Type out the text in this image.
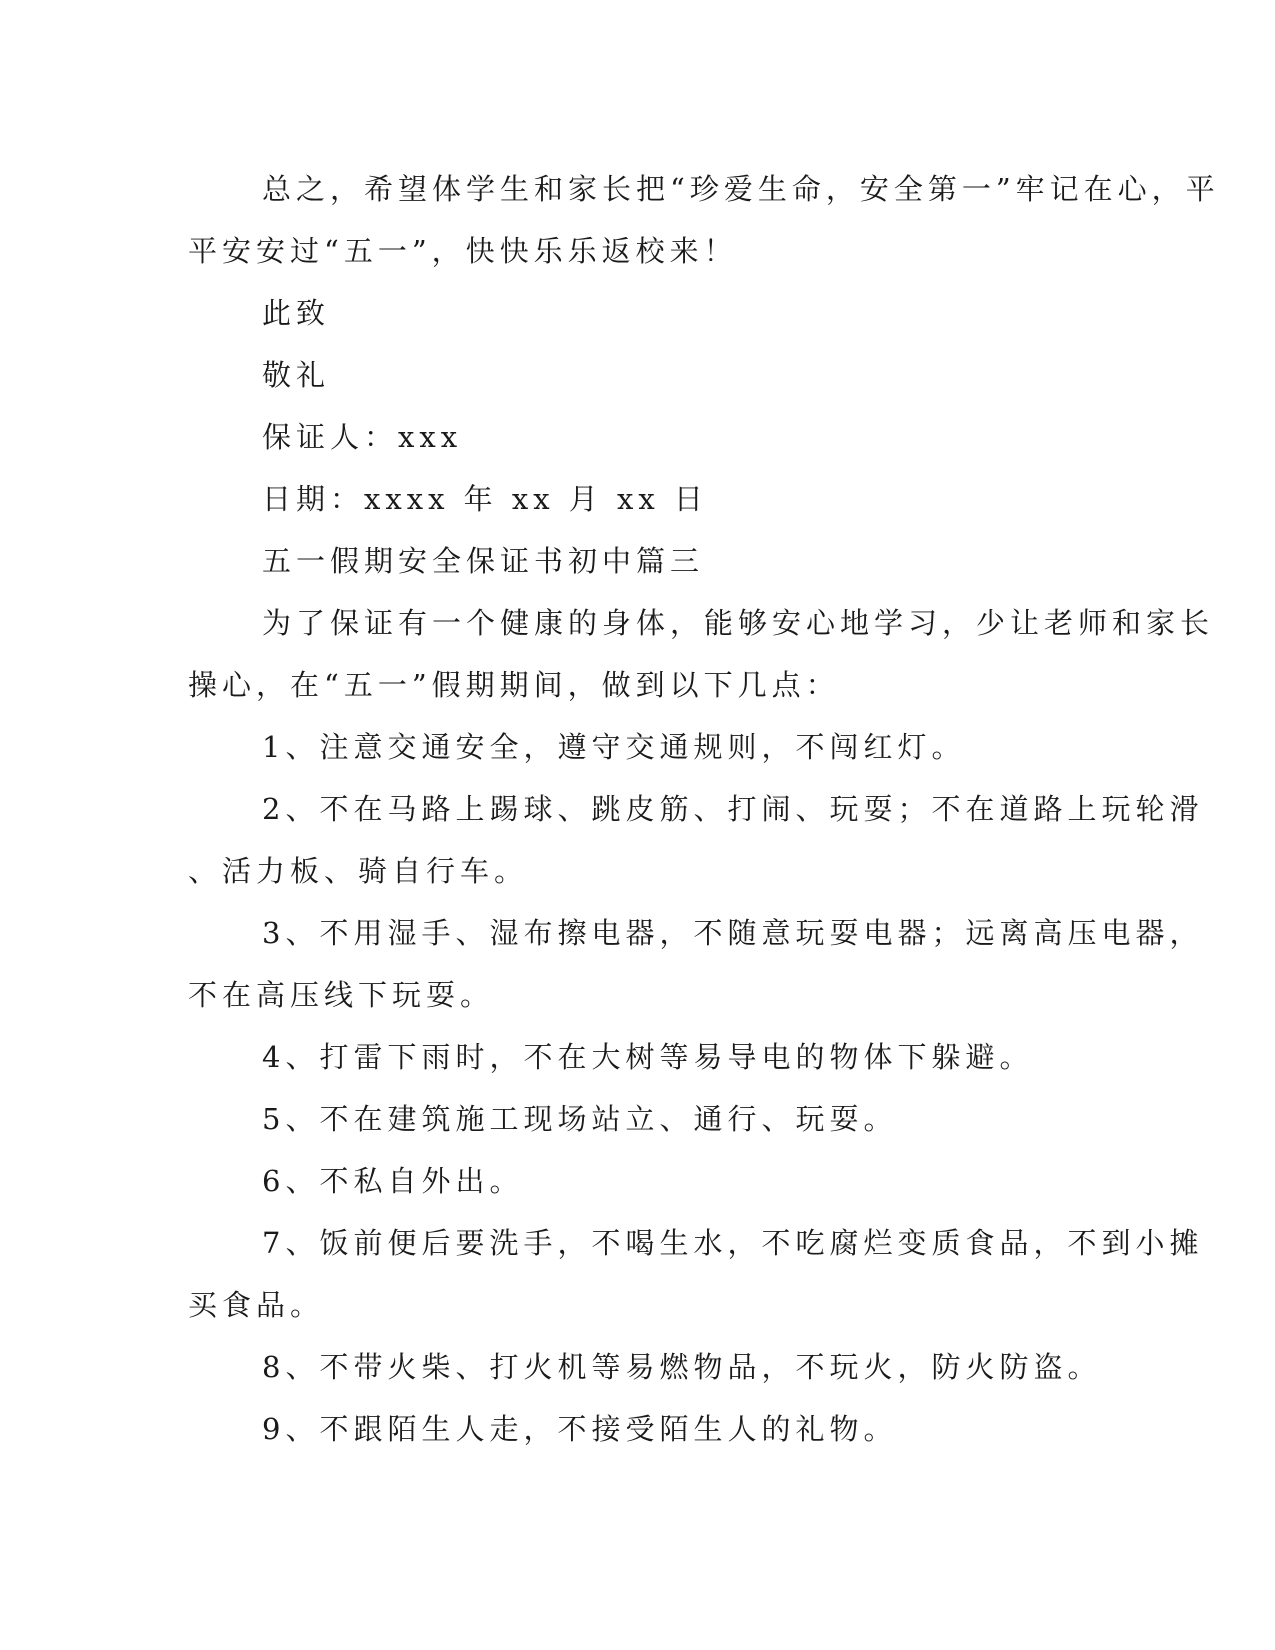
总之，希望体学生和家长把“珍爱生命，安全第一”牢记在心，平

平安安过“五一”，快快乐乐返校来！

此致

敬礼

保证人：xxx

日期：xxxx 年 xx 月 xx 日

五一假期安全保证书初中篇三

为了保证有一个健康的身体，能够安心地学习，少让老师和家长

操心，在“五一”假期期间，做到以下几点：

1、注意交通安全，遵守交通规则，不闯红灯。

2、不在马路上踢球、跳皮筋、打闹、玩耍；不在道路上玩轮滑

、活力板、骑自行车。

3、不用湿手、湿布擦电器，不随意玩耍电器；远离高压电器，

不在高压线下玩耍。

4、打雷下雨时，不在大树等易导电的物体下躲避。

5、不在建筑施工现场站立、通行、玩耍。

6、不私自外出。

7、饭前便后要洗手，不喝生水，不吃腐烂变质食品，不到小摊

买食品。

8、不带火柴、打火机等易燃物品，不玩火，防火防盗。

9、不跟陌生人走，不接受陌生人的礼物。
